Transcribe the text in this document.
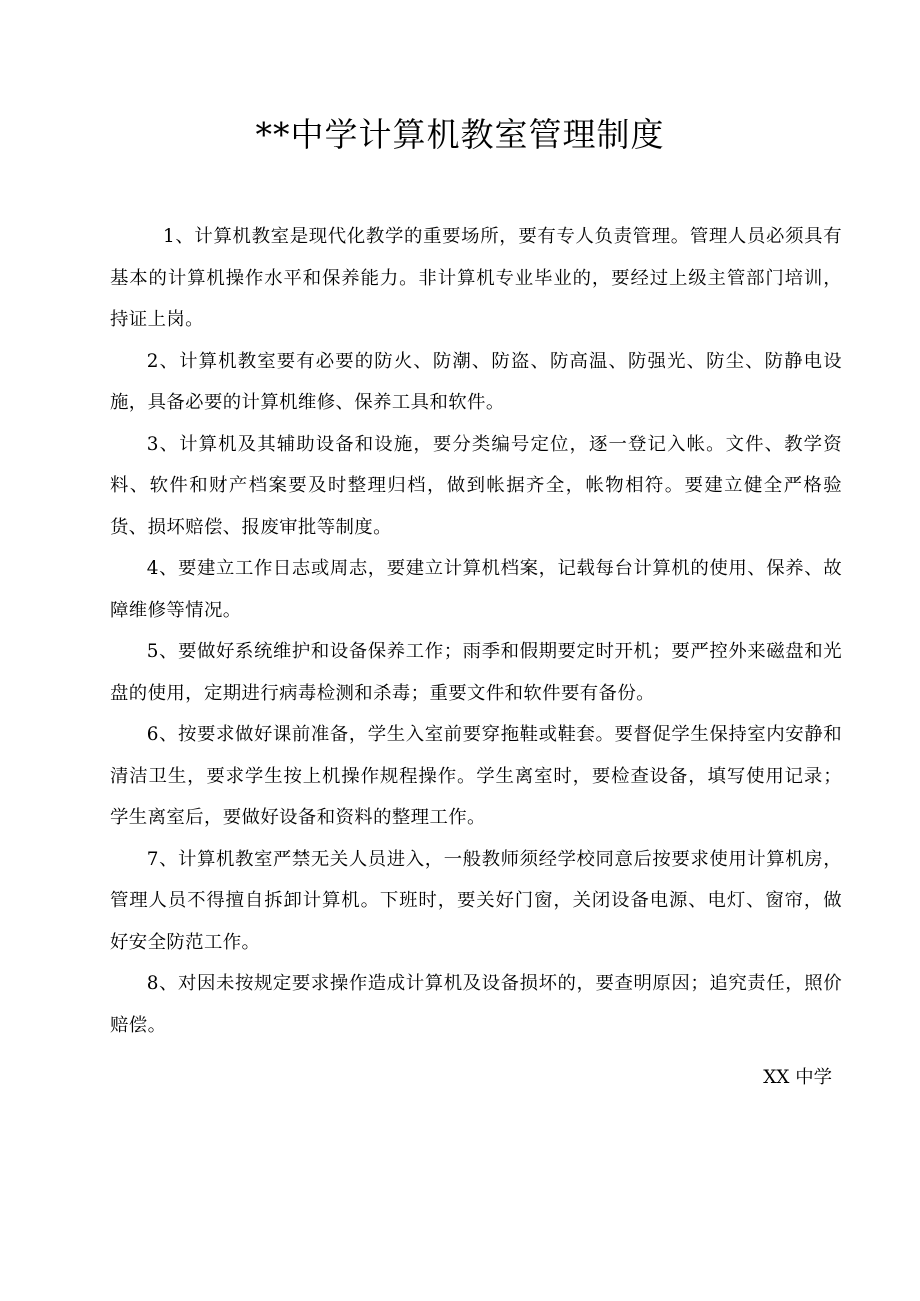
**中学计算机教室管理制度

1、计算机教室是现代化教学的重要场所，要有专人负责管理。管理人员必须具有基本的计算机操作水平和保养能力。非计算机专业毕业的，要经过上级主管部门培训，持证上岗。

2、计算机教室要有必要的防火、防潮、防盗、防高温、防强光、防尘、防静电设施，具备必要的计算机维修、保养工具和软件。

3、计算机及其辅助设备和设施，要分类编号定位，逐一登记入帐。文件、教学资料、软件和财产档案要及时整理归档，做到帐据齐全，帐物相符。要建立健全严格验货、损坏赔偿、报废审批等制度。

4、要建立工作日志或周志，要建立计算机档案，记载每台计算机的使用、保养、故障维修等情况。

5、要做好系统维护和设备保养工作；雨季和假期要定时开机；要严控外来磁盘和光盘的使用，定期进行病毒检测和杀毒；重要文件和软件要有备份。

6、按要求做好课前准备，学生入室前要穿拖鞋或鞋套。要督促学生保持室内安静和清洁卫生，要求学生按上机操作规程操作。学生离室时，要检查设备，填写使用记录；学生离室后，要做好设备和资料的整理工作。

7、计算机教室严禁无关人员进入，一般教师须经学校同意后按要求使用计算机房，管理人员不得擅自拆卸计算机。下班时，要关好门窗，关闭设备电源、电灯、窗帘，做好安全防范工作。

8、对因未按规定要求操作造成计算机及设备损坏的，要查明原因；追究责任，照价赔偿。

XX 中学
